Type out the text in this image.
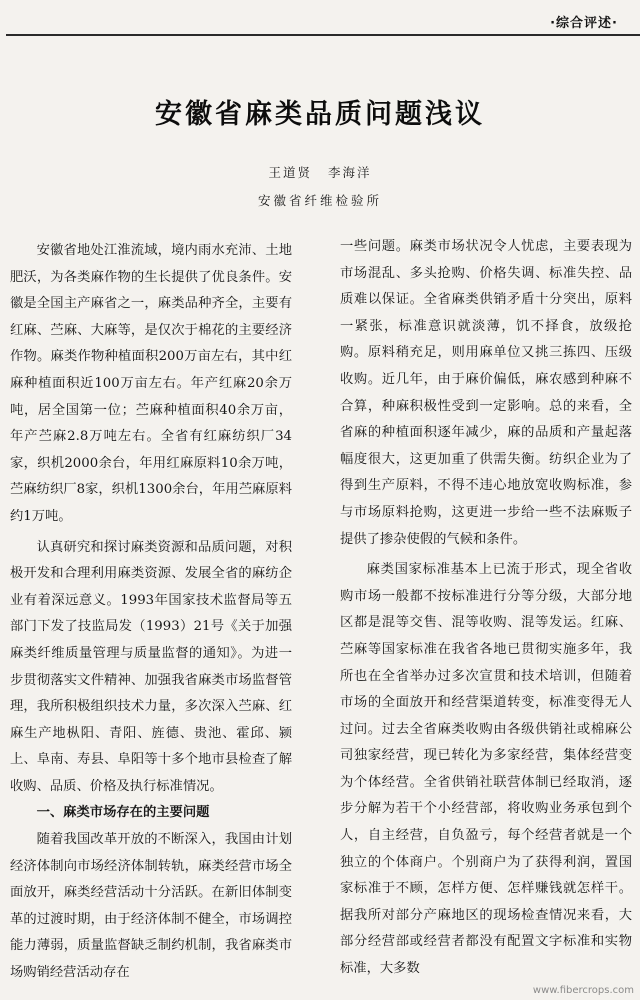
·综合评述·
安徽省麻类品质问题浅议
王道贤 李海洋
安徽省纤维检验所

安徽省地处江淮流域，境内雨水充沛、土地肥沃，为各类麻作物的生长提供了优良条件。安徽是全国主产麻省之一，麻类品种齐全，主要有红麻、苎麻、大麻等，是仅次于棉花的主要经济作物。麻类作物种植面积200万亩左右，其中红麻种植面积近100万亩左右。年产红麻20余万吨，居全国第一位；苎麻种植面积40余万亩，年产苎麻2.8万吨左右。全省有红麻纺织厂34家，织机2000余台，年用红麻原料10余万吨，苎麻纺织厂8家，织机1300余台，年用苎麻原料约1万吨。

认真研究和探讨麻类资源和品质问题，对积极开发和合理利用麻类资源、发展全省的麻纺企业有着深远意义。1993年国家技术监督局等五部门下发了技监局发（1993）21号《关于加强麻类纤维质量管理与质量监督的通知》。为进一步贯彻落实文件精神、加强我省麻类市场监督管理，我所积极组织技术力量，多次深入苎麻、红麻生产地枞阳、青阳、旌德、贵池、霍邱、颍上、阜南、寿县、阜阳等十多个地市县检查了解收购、品质、价格及执行标准情况。

一、麻类市场存在的主要问题

随着我国改革开放的不断深入，我国由计划经济体制向市场经济体制转轨，麻类经营市场全面放开，麻类经营活动十分活跃。在新旧体制变革的过渡时期，由于经济体制不健全，市场调控能力薄弱，质量监督缺乏制约机制，我省麻类市场购销经营活动存在

一些问题。麻类市场状况令人忧虑，主要表现为市场混乱、多头抢购、价格失调、标准失控、品质难以保证。全省麻类供销矛盾十分突出，原料一紧张，标准意识就淡薄，饥不择食，放级抢购。原料稍充足，则用麻单位又挑三拣四、压级收购。近几年，由于麻价偏低，麻农感到种麻不合算，种麻积极性受到一定影响。总的来看，全省麻的种植面积逐年减少，麻的品质和产量起落幅度很大，这更加重了供需失衡。纺织企业为了得到生产原料，不得不违心地放宽收购标准，参与市场原料抢购，这更进一步给一些不法麻贩子提供了掺杂使假的气候和条件。

麻类国家标准基本上已流于形式，现全省收购市场一般都不按标准进行分等分级，大部分地区都是混等交售、混等收购、混等发运。红麻、苎麻等国家标准在我省各地已贯彻实施多年，我所也在全省举办过多次宣贯和技术培训，但随着市场的全面放开和经营渠道转变，标准变得无人过问。过去全省麻类收购由各级供销社或棉麻公司独家经营，现已转化为多家经营，集体经营变为个体经营。全省供销社联营体制已经取消，逐步分解为若干个小经营部，将收购业务承包到个人，自主经营，自负盈亏，每个经营者就是一个独立的个体商户。个别商户为了获得利润，置国家标准于不顾，怎样方便、怎样赚钱就怎样干。据我所对部分产麻地区的现场检查情况来看，大部分经营部或经营者都没有配置文字标准和实物标准，大多数

www.fibercrops.com
